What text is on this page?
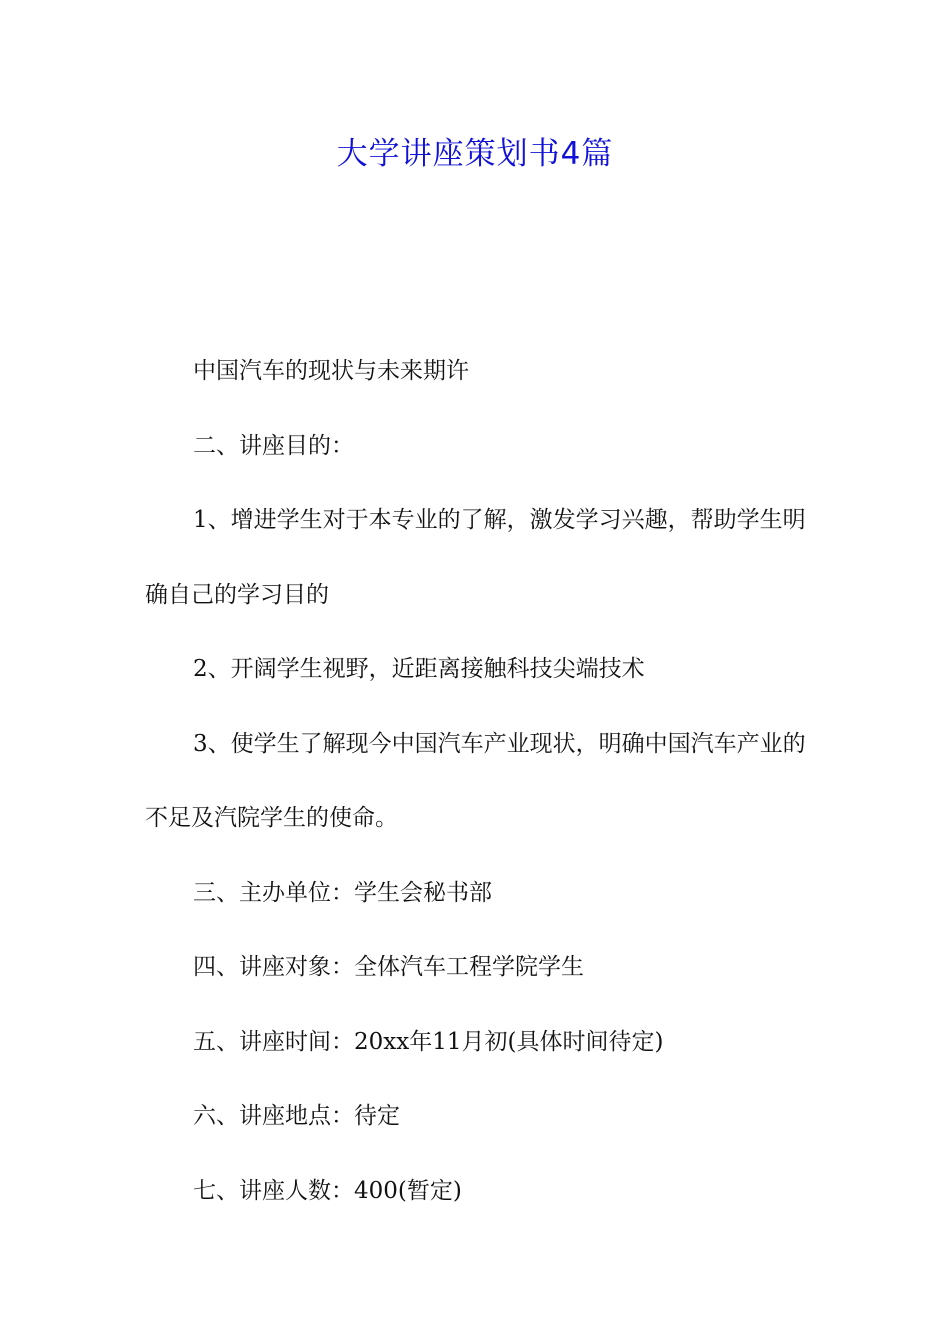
大学讲座策划书4篇

中国汽车的现状与未来期许

二、讲座目的：

1、增进学生对于本专业的了解，激发学习兴趣，帮助学生明确自己的学习目的

2、开阔学生视野，近距离接触科技尖端技术

3、使学生了解现今中国汽车产业现状，明确中国汽车产业的不足及汽院学生的使命。

三、主办单位：学生会秘书部

四、讲座对象：全体汽车工程学院学生

五、讲座时间：20xx年11月初(具体时间待定)

六、讲座地点：待定

七、讲座人数：400(暂定)
